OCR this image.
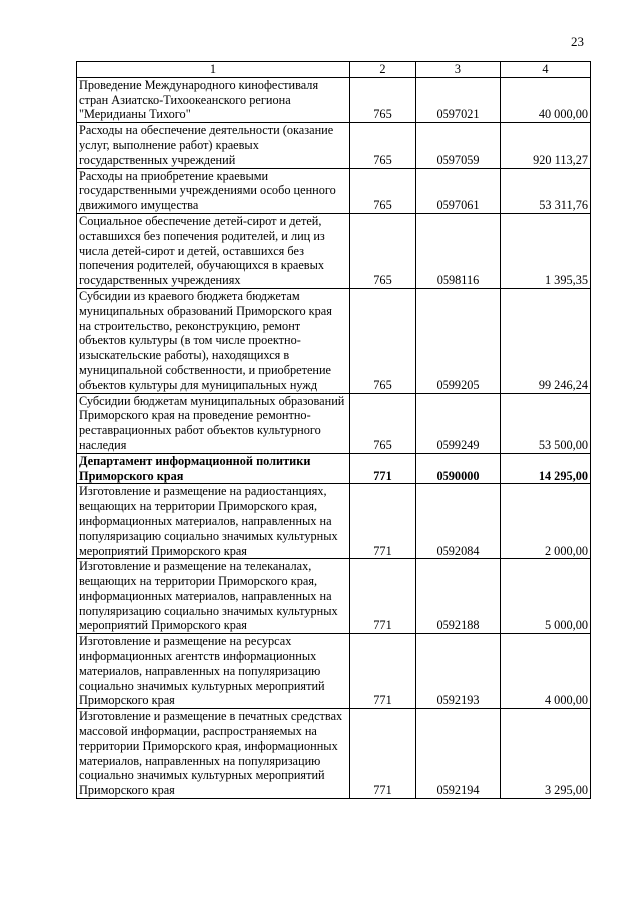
23
1	2	3	4
Проведение Международного кинофестиваля стран Азиатско-Тихоокеанского региона "Меридианы Тихого"	765	0597021	40 000,00
Расходы на обеспечение деятельности (оказание услуг, выполнение работ) краевых государственных учреждений	765	0597059	920 113,27
Расходы на приобретение краевыми государственными учреждениями особо ценного движимого имущества	765	0597061	53 311,76
Социальное обеспечение детей-сирот и детей, оставшихся без попечения родителей, и лиц из числа детей-сирот и детей, оставшихся без попечения родителей, обучающихся в краевых государственных учреждениях	765	0598116	1 395,35
Субсидии из краевого бюджета бюджетам муниципальных образований Приморского края на строительство, реконструкцию, ремонт объектов культуры (в том числе проектно-изыскательские работы), находящихся в муниципальной собственности, и приобретение объектов культуры для муниципальных нужд	765	0599205	99 246,24
Субсидии бюджетам муниципальных образований Приморского края на проведение ремонтно-реставрационных работ объектов культурного наследия	765	0599249	53 500,00
Департамент информационной политики Приморского края	771	0590000	14 295,00
Изготовление и размещение на радиостанциях, вещающих на территории Приморского края, информационных материалов, направленных на популяризацию социально значимых культурных мероприятий Приморского края	771	0592084	2 000,00
Изготовление и размещение на телеканалах, вещающих на территории Приморского края, информационных материалов, направленных на популяризацию социально значимых культурных мероприятий Приморского края	771	0592188	5 000,00
Изготовление и размещение на ресурсах информационных агентств информационных материалов, направленных на популяризацию социально значимых культурных мероприятий Приморского края	771	0592193	4 000,00
Изготовление и размещение в печатных средствах массовой информации, распространяемых на территории Приморского края, информационных материалов, направленных на популяризацию социально значимых культурных мероприятий Приморского края	771	0592194	3 295,00
